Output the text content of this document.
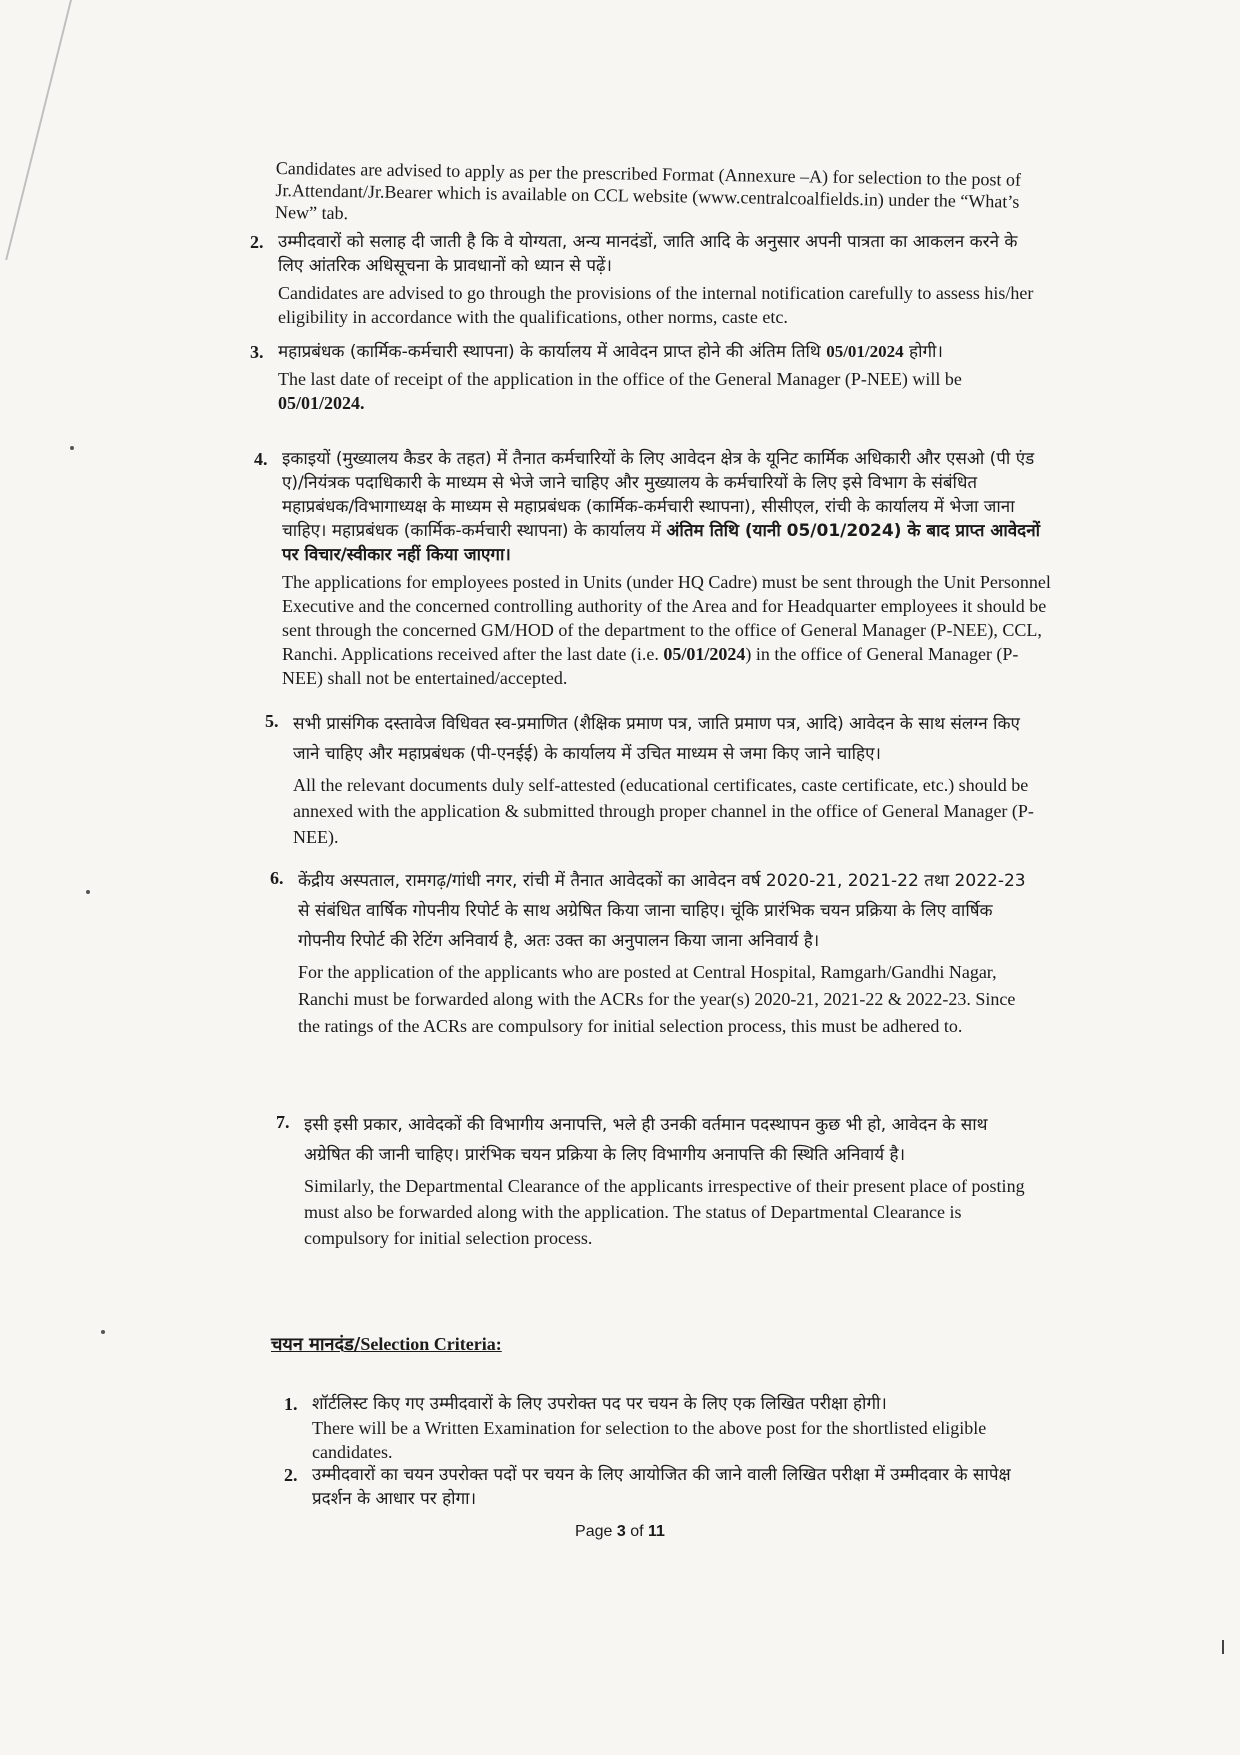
Candidates are advised to apply as per the prescribed Format (Annexure –A) for selection to the post of Jr.Attendant/Jr.Bearer which is available on CCL website (www.centralcoalfields.in) under the “What’s New” tab.
2. उम्मीदवारों को सलाह दी जाती है कि वे योग्यता, अन्य मानदंडों, जाति आदि के अनुसार अपनी पात्रता का आकलन करने के लिए आंतरिक अधिसूचना के प्रावधानों को ध्यान से पढ़ें।

Candidates are advised to go through the provisions of the internal notification carefully to assess his/her eligibility in accordance with the qualifications, other norms, caste etc.

3. महाप्रबंधक (कार्मिक-कर्मचारी स्थापना) के कार्यालय में आवेदन प्राप्त होने की अंतिम तिथि 05/01/2024 होगी।

The last date of receipt of the application in the office of the General Manager (P-NEE) will be 05/01/2024.

4. इकाइयों (मुख्यालय कैडर के तहत) में तैनात कर्मचारियों के लिए आवेदन क्षेत्र के यूनिट कार्मिक अधिकारी और एसओ (पी एंड ए)/नियंत्रक पदाधिकारी के माध्यम से भेजे जाने चाहिए और मुख्यालय के कर्मचारियों के लिए इसे विभाग के संबंधित महाप्रबंधक/विभागाध्यक्ष के माध्यम से महाप्रबंधक (कार्मिक-कर्मचारी स्थापना), सीसीएल, रांची के कार्यालय में भेजा जाना चाहिए। महाप्रबंधक (कार्मिक-कर्मचारी स्थापना) के कार्यालय में अंतिम तिथि (यानी 05/01/2024) के बाद प्राप्त आवेदनों पर विचार/स्वीकार नहीं किया जाएगा।

The applications for employees posted in Units (under HQ Cadre) must be sent through the Unit Personnel Executive and the concerned controlling authority of the Area and for Headquarter employees it should be sent through the concerned GM/HOD of the department to the office of General Manager (P-NEE), CCL, Ranchi. Applications received after the last date (i.e. 05/01/2024) in the office of General Manager (P-NEE) shall not be entertained/accepted.

5. सभी प्रासंगिक दस्तावेज विधिवत स्व-प्रमाणित (शैक्षिक प्रमाण पत्र, जाति प्रमाण पत्र, आदि) आवेदन के साथ संलग्न किए जाने चाहिए और महाप्रबंधक (पी-एनईई) के कार्यालय में उचित माध्यम से जमा किए जाने चाहिए।

All the relevant documents duly self-attested (educational certificates, caste certificate, etc.) should be annexed with the application & submitted through proper channel in the office of General Manager (P-NEE).

6. केंद्रीय अस्पताल, रामगढ़/गांधी नगर, रांची में तैनात आवेदकों का आवेदन वर्ष 2020-21, 2021-22 तथा 2022-23 से संबंधित वार्षिक गोपनीय रिपोर्ट के साथ अग्रेषित किया जाना चाहिए। चूंकि प्रारंभिक चयन प्रक्रिया के लिए वार्षिक गोपनीय रिपोर्ट की रेटिंग अनिवार्य है, अतः उक्त का अनुपालन किया जाना अनिवार्य है।

For the application of the applicants who are posted at Central Hospital, Ramgarh/Gandhi Nagar, Ranchi must be forwarded along with the ACRs for the year(s) 2020-21, 2021-22 & 2022-23. Since the ratings of the ACRs are compulsory for initial selection process, this must be adhered to.

7. इसी इसी प्रकार, आवेदकों की विभागीय अनापत्ति, भले ही उनकी वर्तमान पदस्थापन कुछ भी हो, आवेदन के साथ अग्रेषित की जानी चाहिए। प्रारंभिक चयन प्रक्रिया के लिए विभागीय अनापत्ति की स्थिति अनिवार्य है।

Similarly, the Departmental Clearance of the applicants irrespective of their present place of posting must also be forwarded along with the application. The status of Departmental Clearance is compulsory for initial selection process.

चयन मानदंड/Selection Criteria:
1. शॉर्टलिस्ट किए गए उम्मीदवारों के लिए उपरोक्त पद पर चयन के लिए एक लिखित परीक्षा होगी।

There will be a Written Examination for selection to the above post for the shortlisted eligible candidates.

2. उम्मीदवारों का चयन उपरोक्त पदों पर चयन के लिए आयोजित की जाने वाली लिखित परीक्षा में उम्मीदवार के सापेक्ष प्रदर्शन के आधार पर होगा।

Page 3 of 11
